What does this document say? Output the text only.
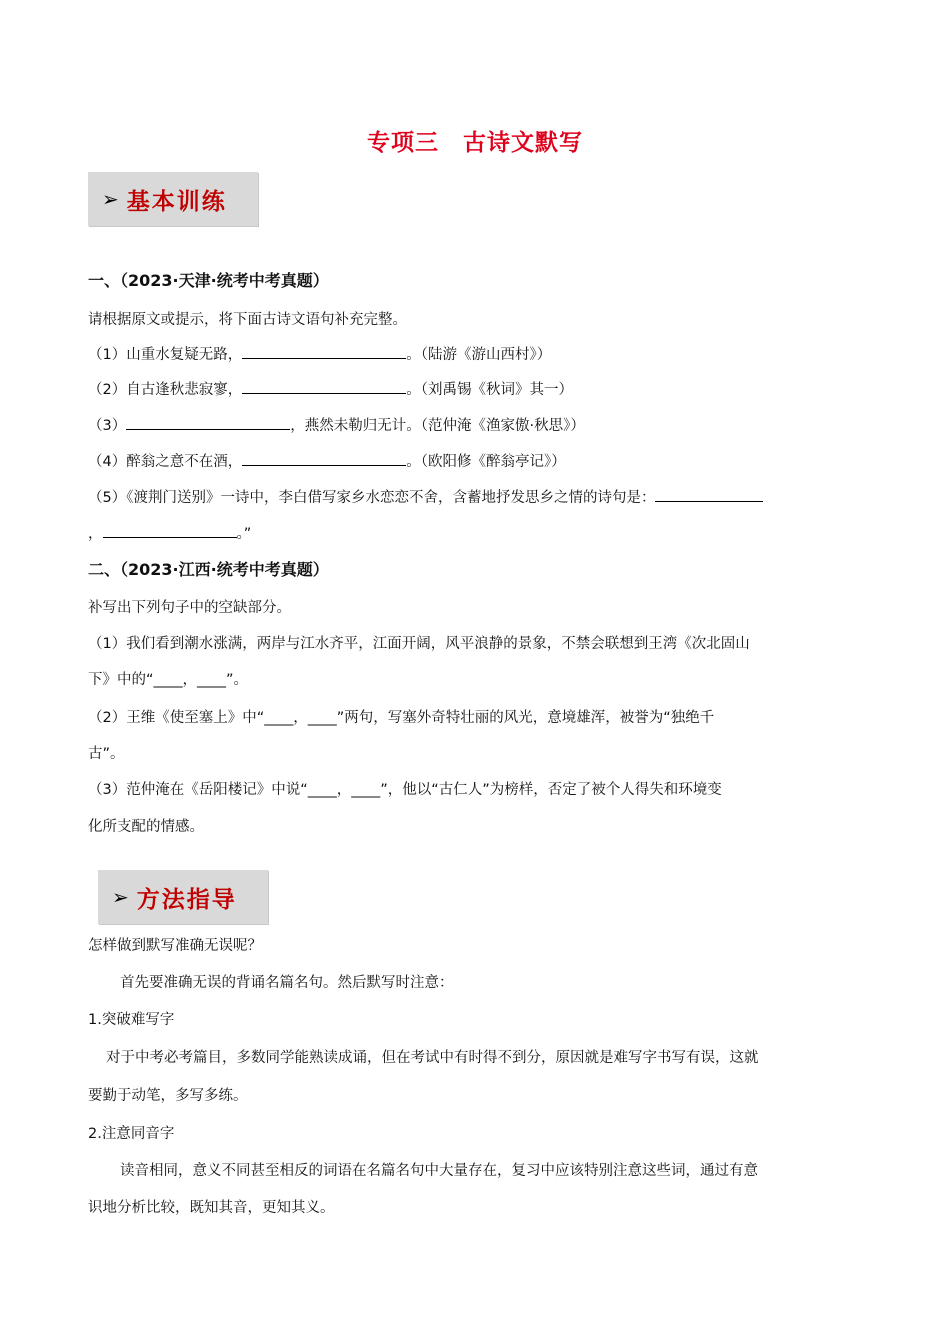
专项三　古诗文默写
➢ 基本训练
一、（2023·天津·统考中考真题）
请根据原文或提示，将下面古诗文语句补充完整。
（1）山重水复疑无路，	。（陆游《游山西村》）
（2）自古逢秋悲寂寥，	。（刘禹锡《秋词》其一）
（3）	，燕然未勒归无计。（范仲淹《渔家傲·秋思》）
（4）醉翁之意不在酒，	。（欧阳修《醉翁亭记》）
（5）《渡荆门送别》一诗中，李白借写家乡水恋恋不舍，含蓄地抒发思乡之情的诗句是：
，	。”
二、（2023·江西·统考中考真题）
补写出下列句子中的空缺部分。
（1）我们看到潮水涨满，两岸与江水齐平，江面开阔，风平浪静的景象，不禁会联想到王湾《次北固山
下》中的“____，____”。
（2）王维《使至塞上》中“____，____”两句，写塞外奇特壮丽的风光，意境雄浑，被誉为“独绝千
古”。
（3）范仲淹在《岳阳楼记》中说“____，____”，他以“古仁人”为榜样，否定了被个人得失和环境变
化所支配的情感。
➢ 方法指导
怎样做到默写准确无误呢？
首先要准确无误的背诵名篇名句。然后默写时注意：
1.突破难写字
对于中考必考篇目，多数同学能熟读成诵，但在考试中有时得不到分，原因就是难写字书写有误，这就
要勤于动笔，多写多练。
2.注意同音字
读音相同，意义不同甚至相反的词语在名篇名句中大量存在，复习中应该特别注意这些词，通过有意
识地分析比较，既知其音，更知其义。
